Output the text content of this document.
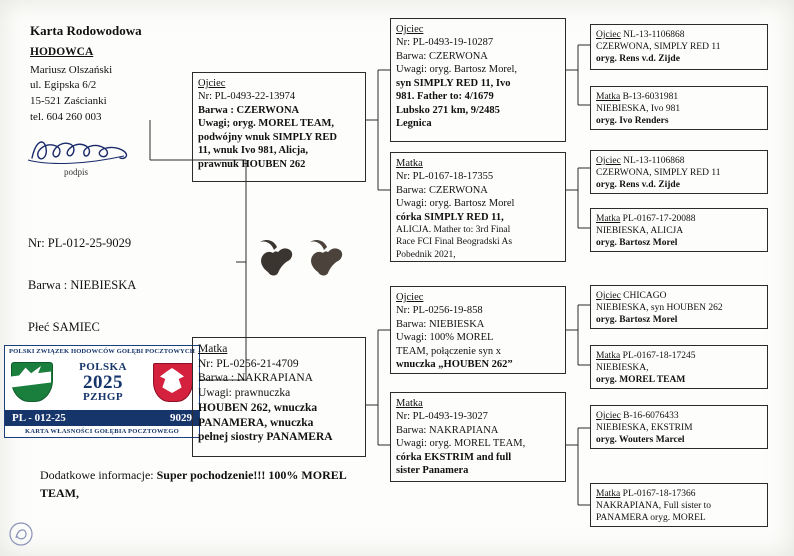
Karta Rodowodowa
HODOWCA
Mariusz Olszański
ul. Egipska 6/2
15-521 Zaścianki
tel. 604 260 003
podpis
Nr: PL-012-25-9029
Barwa : NIEBIESKA
Płeć SAMIEC
POLSKI ZWIĄZEK HODOWCÓW GOŁĘBI POCZTOWYCH
POLSKA
2025
PZHGP
PL - 012-25	9029
KARTA WŁASNOŚCI GOŁĘBIA POCZTOWEGO
Dodatkowe informacje: Super pochodzenie!!! 100% MOREL TEAM,
Ojciec
Nr: PL-0493-22-13974
Barwa : CZERWONA
Uwagi; oryg. MOREL TEAM,
podwójny wnuk SIMPLY RED
11, wnuk Ivo 981, Alicja,
prawnuk HOUBEN 262
Matka
Nr: PL-0256-21-4709
Barwa : NAKRAPIANA
Uwagi: prawnuczka
HOUBEN 262, wnuczka
PANAMERA, wnuczka
pełnej siostry PANAMERA
Ojciec
Nr: PL-0493-19-10287
Barwa: CZERWONA
Uwagi: oryg. Bartosz Morel,
syn SIMPLY RED 11, Ivo
981. Father to: 4/1679
Lubsko 271 km, 9/2485
Legnica
Matka
Nr: PL-0167-18-17355
Barwa: CZERWONA
Uwagi: oryg. Bartosz Morel
córka SIMPLY RED 11,
ALICJA. Mather to: 3rd Final
Race FCI Final Beogradski As
Pobednik 2021,
Ojciec
Nr: PL-0256-19-858
Barwa: NIEBIESKA
Uwagi: 100% MOREL
TEAM, połączenie syn x
wnuczka „HOUBEN 262”
Matka
Nr: PL-0493-19-3027
Barwa: NAKRAPIANA
Uwagi: oryg. MOREL TEAM,
córka EKSTRIM and full
sister Panamera
Ojciec NL-13-1106868
CZERWONA, SIMPLY RED 11
oryg. Rens v.d. Zijde
Matka B-13-6031981
NIEBIESKA, Ivo 981
oryg. Ivo Renders
Ojciec NL-13-1106868
CZERWONA, SIMPLY RED 11
oryg. Rens v.d. Zijde
Matka PL-0167-17-20088
NIEBIESKA, ALICJA
oryg. Bartosz Morel
Ojciec CHICAGO
NIEBIESKA, syn HOUBEN 262
oryg. Bartosz Morel
Matka PL-0167-18-17245
NIEBIESKA,
oryg. MOREL TEAM
Ojciec B-16-6076433
NIEBIESKA, EKSTRIM
oryg. Wouters Marcel
Matka PL-0167-18-17366
NAKRAPIANA, Full sister to
PANAMERA oryg. MOREL
